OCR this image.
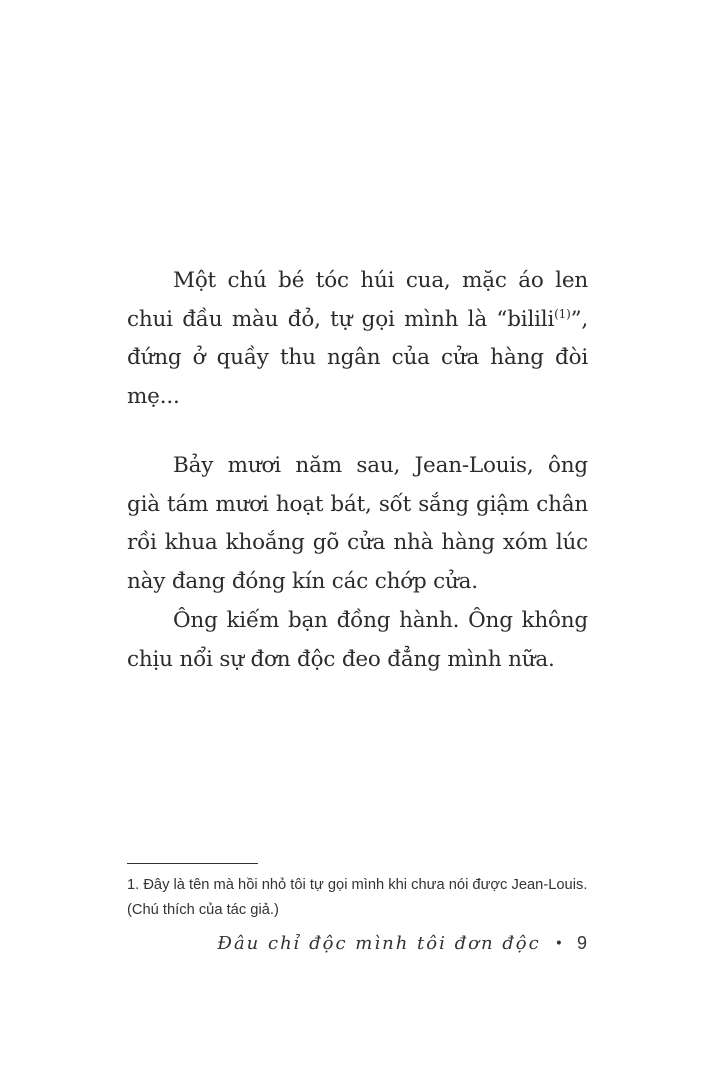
Một chú bé tóc húi cua, mặc áo len chui đầu màu đỏ, tự gọi mình là “bilili$^{(1)}$”, đứng ở quầy thu ngân của cửa hàng đòi mẹ...

Bảy mươi năm sau, Jean-Louis, ông già tám mươi hoạt bát, sốt sắng giậm chân rồi khua khoắng gõ cửa nhà hàng xóm lúc này đang đóng kín các chớp cửa.

Ông kiếm bạn đồng hành. Ông không chịu nổi sự đơn độc đeo đẳng mình nữa.

1. Đây là tên mà hồi nhỏ tôi tự gọi mình khi chưa nói được Jean-Louis.

(Chú thích của tác giả.)

Đâu chỉ độc mình tôi đơn độc • 9
